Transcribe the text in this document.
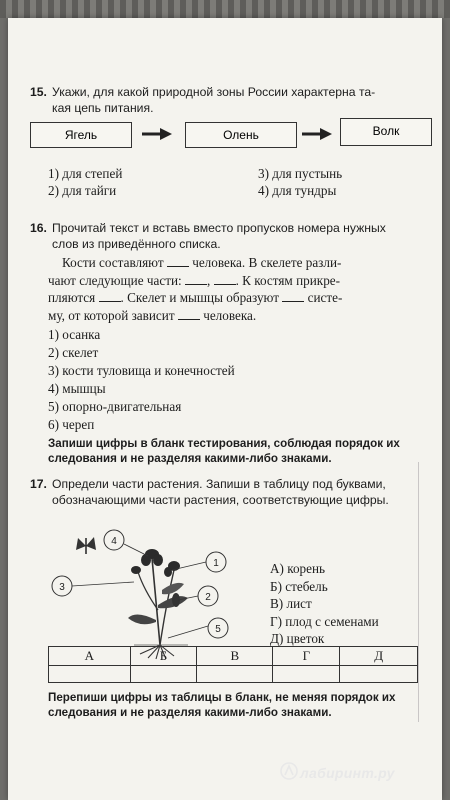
15. Укажи, для какой природной зоны России характерна та-
кая цепь питания.
Ягель	Олень	Волк
1) для степей
2) для тайги
3) для пустынь
4) для тундры
16. Прочитай текст и вставь вместо пропусков номера нужных
слов из приведённого списка.
Кости составляют человека. В скелете разли-
чают следующие части: , . К костям прикре-
пляются . Скелет и мышцы образуют систе-
му, от которой зависит человека.
1) осанка
2) скелет
3) кости туловища и конечностей
4) мышцы
5) опорно-двигательная
6) череп
Запиши цифры в бланк тестирования, соблюдая порядок их
следования и не разделяя какими-либо знаками.
17. Определи части растения. Запиши в таблицу под буквами,
обозначающими части растения, соответствующие цифры.
4
1
3
2
5
А) корень
Б) стебель
В) лист
Г) плод с семенами
Д) цветок
А	Б	В	Г	Д

Перепиши цифры из таблицы в бланк, не меняя порядок их
следования и не разделяя какими-либо знаками.
лабиринт.ру
